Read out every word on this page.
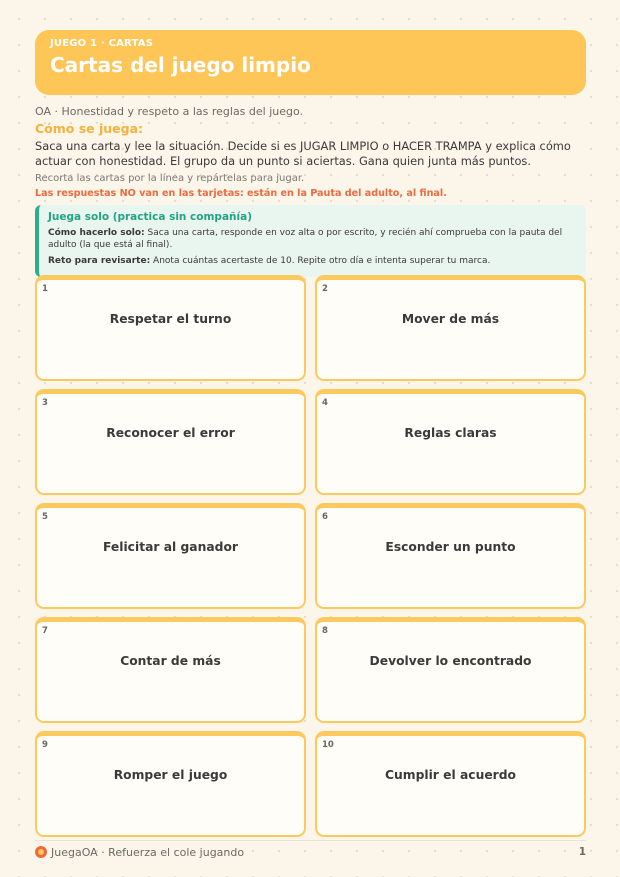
JUEGO 1 · CARTAS
Cartas del juego limpio
OA · Honestidad y respeto a las reglas del juego.
Cómo se juega:
Saca una carta y lee la situación. Decide si es JUGAR LIMPIO o HACER TRAMPA y explica cómo actuar con honestidad. El grupo da un punto si aciertas. Gana quien junta más puntos.
Recorta las cartas por la línea y repártelas para jugar.
Las respuestas NO van en las tarjetas: están en la Pauta del adulto, al final.
Juega solo (practica sin compañía)
Cómo hacerlo solo: Saca una carta, responde en voz alta o por escrito, y recién ahí comprueba con la pauta del adulto (la que está al final).
Reto para revisarte: Anota cuántas acertaste de 10. Repite otro día e intenta superar tu marca.
1
Respetar el turno
2
Mover de más
3
Reconocer el error
4
Reglas claras
5
Felicitar al ganador
6
Esconder un punto
7
Contar de más
8
Devolver lo encontrado
9
Romper el juego
10
Cumplir el acuerdo
JuegaOA · Refuerza el cole jugando	1
